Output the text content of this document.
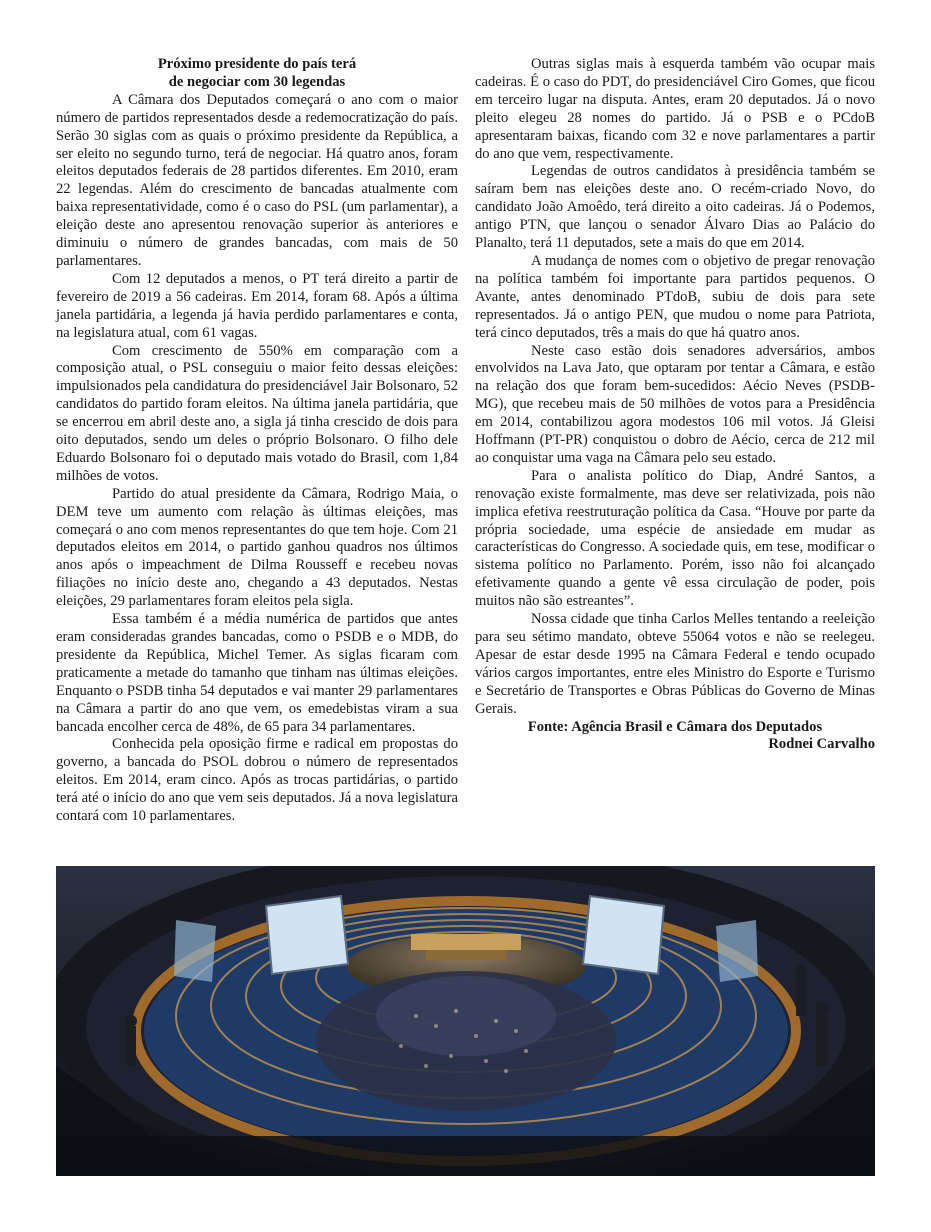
Próximo presidente do país terá
de negociar com 30 legendas

A Câmara dos Deputados começará o ano com o maior número de partidos representados desde a redemocratização do país. Serão 30 siglas com as quais o próximo presidente da República, a ser eleito no segundo turno, terá de negociar. Há quatro anos, foram eleitos deputados federais de 28 partidos diferentes. Em 2010, eram 22 legendas. Além do crescimento de bancadas atualmente com baixa representatividade, como é o caso do PSL (um parlamentar), a eleição deste ano apresentou renovação superior às anteriores e diminuiu o número de grandes bancadas, com mais de 50 parlamentares.

Com 12 deputados a menos, o PT terá direito a partir de fevereiro de 2019 a 56 cadeiras. Em 2014, foram 68. Após a última janela partidária, a legenda já havia perdido parlamentares e conta, na legislatura atual, com 61 vagas.

Com crescimento de 550% em comparação com a composição atual, o PSL conseguiu o maior feito dessas eleições: impulsionados pela candidatura do presidenciável Jair Bolsonaro, 52 candidatos do partido foram eleitos. Na última janela partidária, que se encerrou em abril deste ano, a sigla já tinha crescido de dois para oito deputados, sendo um deles o próprio Bolsonaro. O filho dele Eduardo Bolsonaro foi o deputado mais votado do Brasil, com 1,84 milhões de votos.

Partido do atual presidente da Câmara, Rodrigo Maia, o DEM teve um aumento com relação às últimas eleições, mas começará o ano com menos representantes do que tem hoje. Com 21 deputados eleitos em 2014, o partido ganhou quadros nos últimos anos após o impeachment de Dilma Rousseff e recebeu novas filiações no início deste ano, chegando a 43 deputados. Nestas eleições, 29 parlamentares foram eleitos pela sigla.

Essa também é a média numérica de partidos que antes eram consideradas grandes bancadas, como o PSDB e o MDB, do presidente da República, Michel Temer. As siglas ficaram com praticamente a metade do tamanho que tinham nas últimas eleições. Enquanto o PSDB tinha 54 deputados e vai manter 29 parlamentares na Câmara a partir do ano que vem, os emedebistas viram a sua bancada encolher cerca de 48%, de 65 para 34 parlamentares.

Conhecida pela oposição firme e radical em propostas do governo, a bancada do PSOL dobrou o número de representados eleitos. Em 2014, eram cinco. Após as trocas partidárias, o partido terá até o início do ano que vem seis deputados. Já a nova legislatura contará com 10 parlamentares.

Outras siglas mais à esquerda também vão ocupar mais cadeiras. É o caso do PDT, do presidenciável Ciro Gomes, que ficou em terceiro lugar na disputa. Antes, eram 20 deputados. Já o novo pleito elegeu 28 nomes do partido. Já o PSB e o PCdoB apresentaram baixas, ficando com 32 e nove parlamentares a partir do ano que vem, respectivamente.

Legendas de outros candidatos à presidência também se saíram bem nas eleições deste ano. O recém-criado Novo, do candidato João Amoêdo, terá direito a oito cadeiras. Já o Podemos, antigo PTN, que lançou o senador Álvaro Dias ao Palácio do Planalto, terá 11 deputados, sete a mais do que em 2014.

A mudança de nomes com o objetivo de pregar renovação na política também foi importante para partidos pequenos. O Avante, antes denominado PTdoB, subiu de dois para sete representados. Já o antigo PEN, que mudou o nome para Patriota, terá cinco deputados, três a mais do que há quatro anos.

Neste caso estão dois senadores adversários, ambos envolvidos na Lava Jato, que optaram por tentar a Câmara, e estão na relação dos que foram bem-sucedidos: Aécio Neves (PSDB-MG), que recebeu mais de 50 milhões de votos para a Presidência em 2014, contabilizou agora modestos 106 mil votos. Já Gleisi Hoffmann (PT-PR) conquistou o dobro de Aécio, cerca de 212 mil ao conquistar uma vaga na Câmara pelo seu estado.

Para o analista político do Diap, André Santos, a renovação existe formalmente, mas deve ser relativizada, pois não implica efetiva reestruturação política da Casa. “Houve por parte da própria sociedade, uma espécie de ansiedade em mudar as características do Congresso. A sociedade quis, em tese, modificar o sistema político no Parlamento. Porém, isso não foi alcançado efetivamente quando a gente vê essa circulação de poder, pois muitos não são estreantes”.

Nossa cidade que tinha Carlos Melles tentando a reeleição para seu sétimo mandato, obteve 55064 votos e não se reelegeu. Apesar de estar desde 1995 na Câmara Federal e tendo ocupado vários cargos importantes, entre eles Ministro do Esporte e Turismo e Secretário de Transportes e Obras Públicas do Governo de Minas Gerais.

Fonte: Agência Brasil e Câmara dos Deputados

Rodnei Carvalho
